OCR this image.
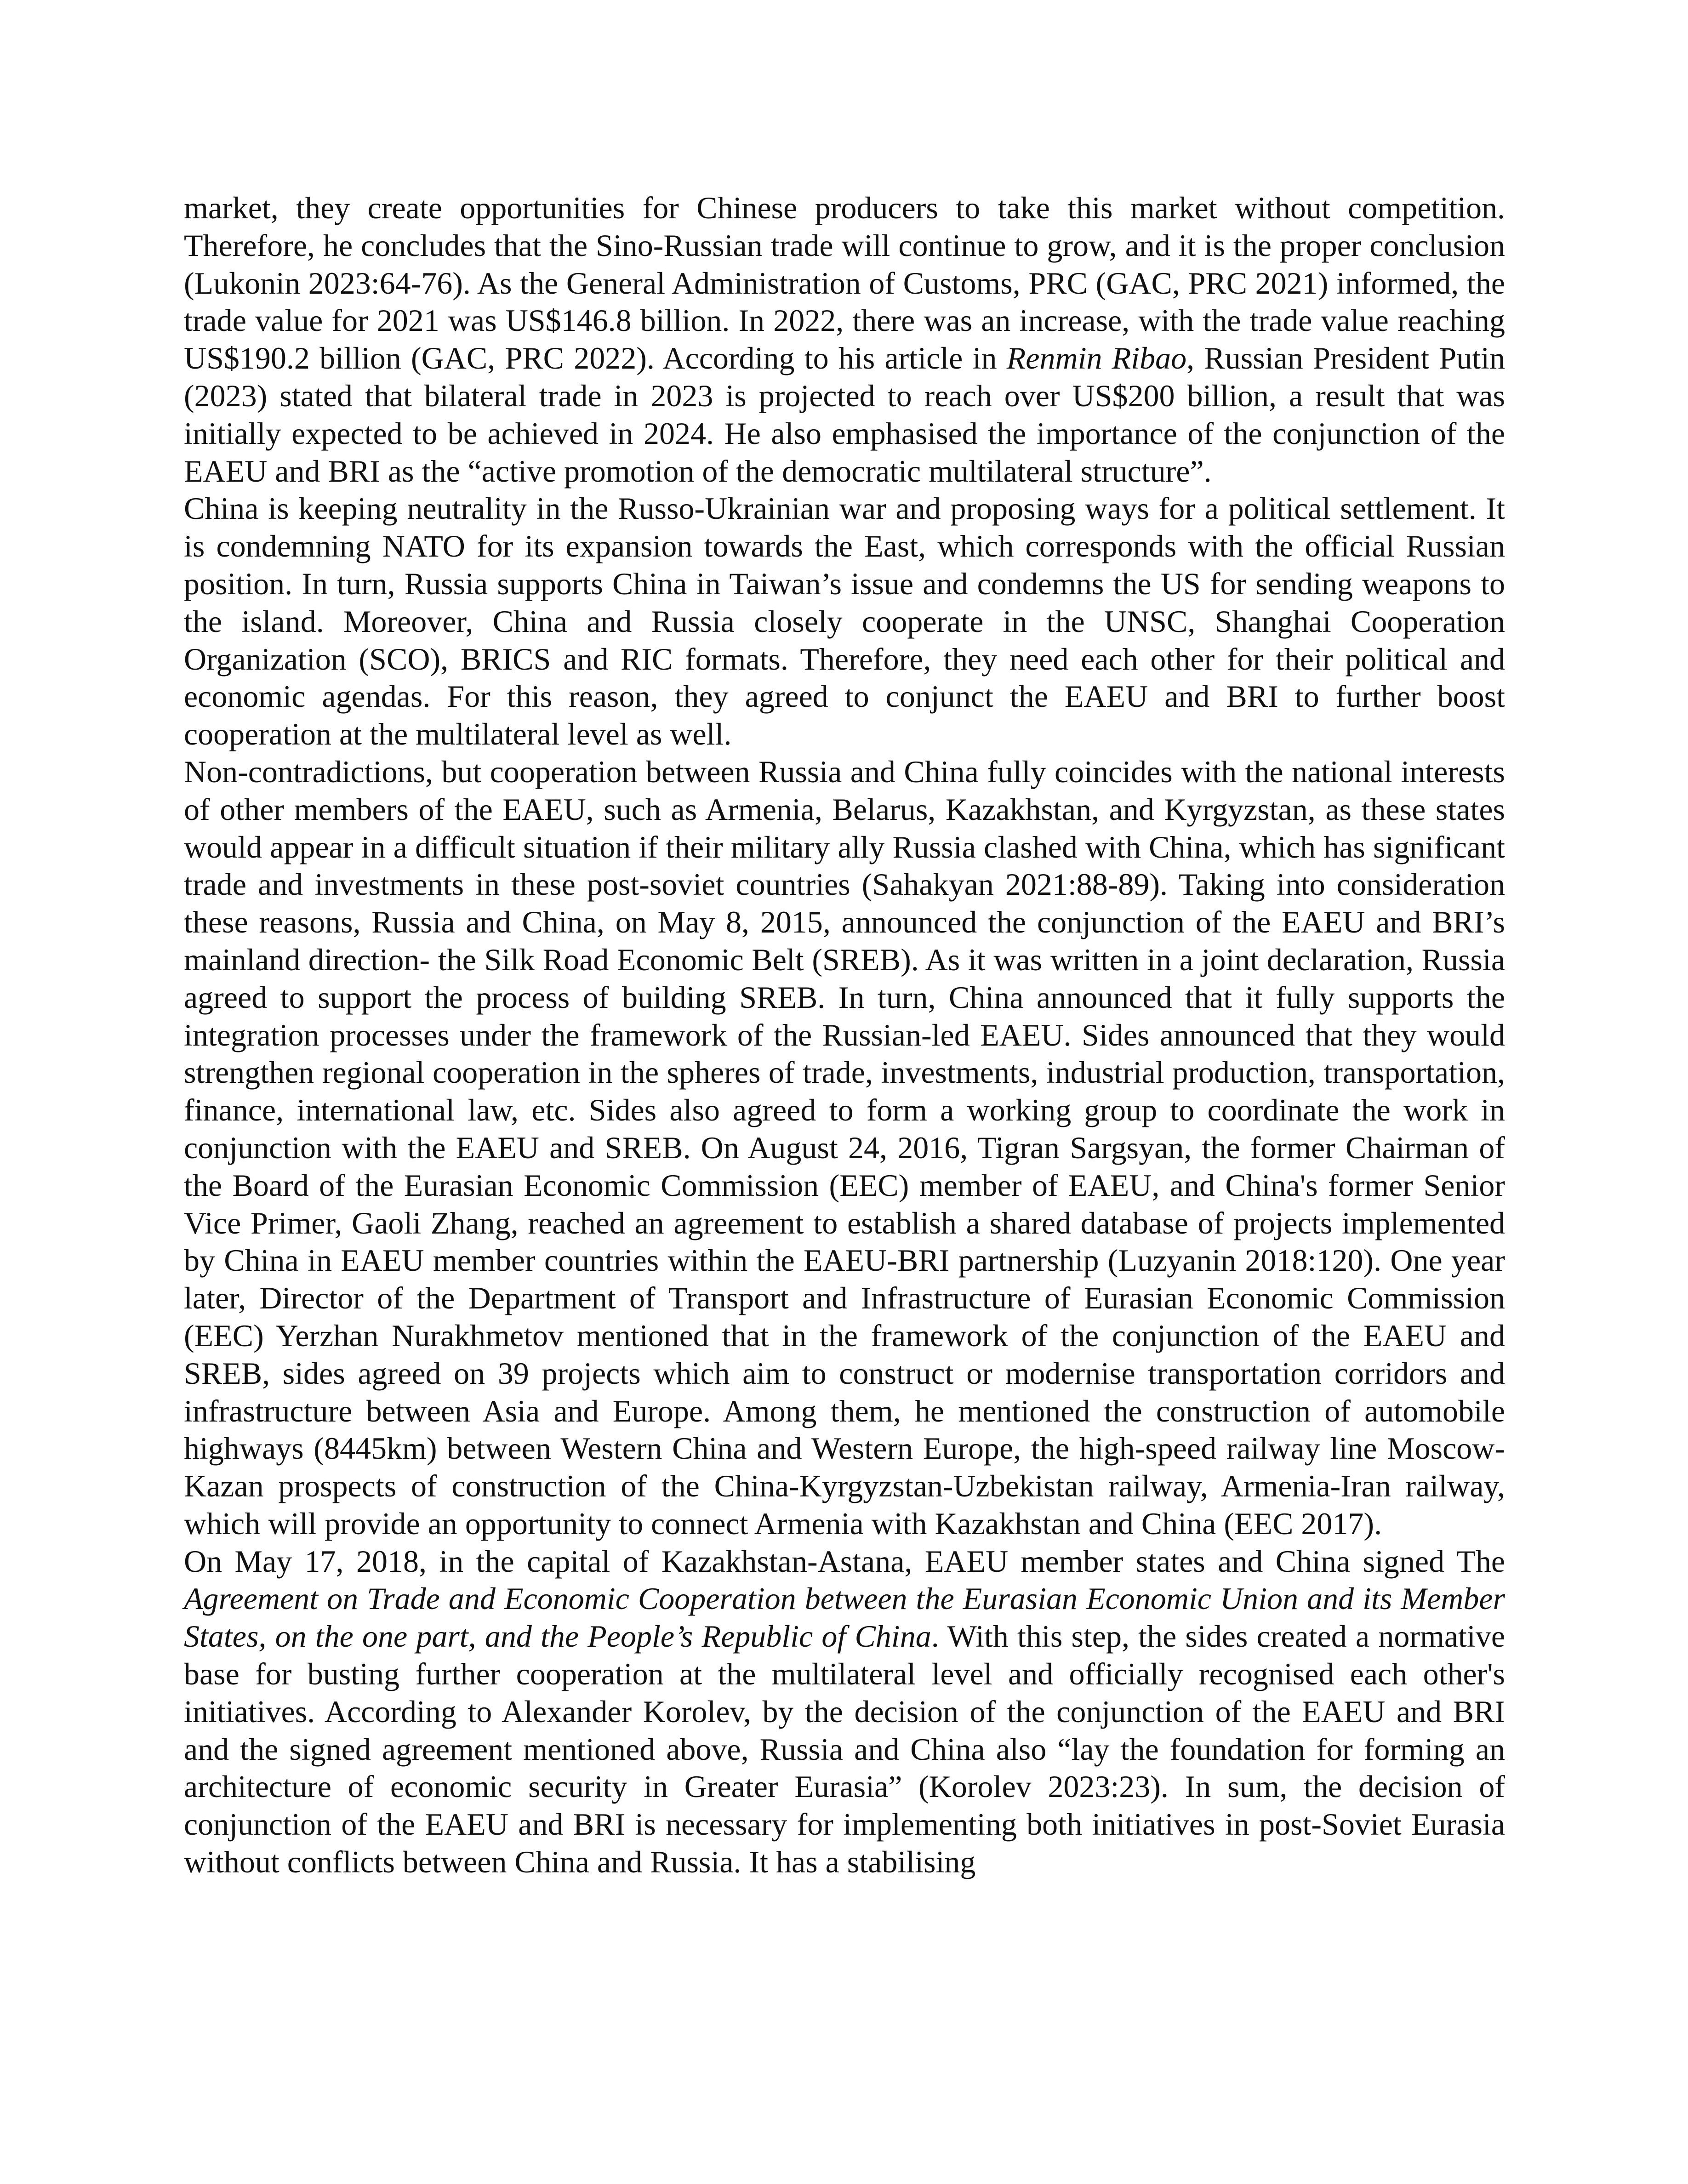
market, they create opportunities for Chinese producers to take this market without competition. Therefore, he concludes that the Sino-Russian trade will continue to grow, and it is the proper conclusion (Lukonin 2023:64-76). As the General Administration of Customs, PRC (GAC, PRC 2021) informed, the trade value for 2021 was US$146.8 billion. In 2022, there was an increase, with the trade value reaching US$190.2 billion (GAC, PRC 2022). According to his article in Renmin Ribao, Russian President Putin (2023) stated that bilateral trade in 2023 is projected to reach over US$200 billion, a result that was initially expected to be achieved in 2024. He also emphasised the importance of the conjunction of the EAEU and BRI as the “active promotion of the democratic multilateral structure”.

China is keeping neutrality in the Russo-Ukrainian war and proposing ways for a political settlement. It is condemning NATO for its expansion towards the East, which corresponds with the official Russian position. In turn, Russia supports China in Taiwan’s issue and condemns the US for sending weapons to the island. Moreover, China and Russia closely cooperate in the UNSC, Shanghai Cooperation Organization (SCO), BRICS and RIC formats. Therefore, they need each other for their political and economic agendas. For this reason, they agreed to conjunct the EAEU and BRI to further boost cooperation at the multilateral level as well.

Non-contradictions, but cooperation between Russia and China fully coincides with the national interests of other members of the EAEU, such as Armenia, Belarus, Kazakhstan, and Kyrgyzstan, as these states would appear in a difficult situation if their military ally Russia clashed with China, which has significant trade and investments in these post-soviet countries (Sahakyan 2021:88-89). Taking into consideration these reasons, Russia and China, on May 8, 2015, announced the conjunction of the EAEU and BRI’s mainland direction- the Silk Road Economic Belt (SREB). As it was written in a joint declaration, Russia agreed to support the process of building SREB. In turn, China announced that it fully supports the integration processes under the framework of the Russian-led EAEU. Sides announced that they would strengthen regional cooperation in the spheres of trade, investments, industrial production, transportation, finance, international law, etc. Sides also agreed to form a working group to coordinate the work in conjunction with the EAEU and SREB. On August 24, 2016, Tigran Sargsyan, the former Chairman of the Board of the Eurasian Economic Commission (EEC) member of EAEU, and China's former Senior Vice Primer, Gaoli Zhang, reached an agreement to establish a shared database of projects implemented by China in EAEU member countries within the EAEU-BRI partnership (Luzyanin 2018:120). One year later, Director of the Department of Transport and Infrastructure of Eurasian Economic Commission (EEC) Yerzhan Nurakhmetov mentioned that in the framework of the conjunction of the EAEU and SREB, sides agreed on 39 projects which aim to construct or modernise transportation corridors and infrastructure between Asia and Europe. Among them, he mentioned the construction of automobile highways (8445km) between Western China and Western Europe, the high-speed railway line Moscow-Kazan prospects of construction of the China-Kyrgyzstan-Uzbekistan railway, Armenia-Iran railway, which will provide an opportunity to connect Armenia with Kazakhstan and China (EEC 2017).

On May 17, 2018, in the capital of Kazakhstan-Astana, EAEU member states and China signed The Agreement on Trade and Economic Cooperation between the Eurasian Economic Union and its Member States, on the one part, and the People’s Republic of China. With this step, the sides created a normative base for busting further cooperation at the multilateral level and officially recognised each other's initiatives. According to Alexander Korolev, by the decision of the conjunction of the EAEU and BRI and the signed agreement mentioned above, Russia and China also “lay the foundation for forming an architecture of economic security in Greater Eurasia” (Korolev 2023:23). In sum, the decision of conjunction of the EAEU and BRI is necessary for implementing both initiatives in post-Soviet Eurasia without conflicts between China and Russia. It has a stabilising
